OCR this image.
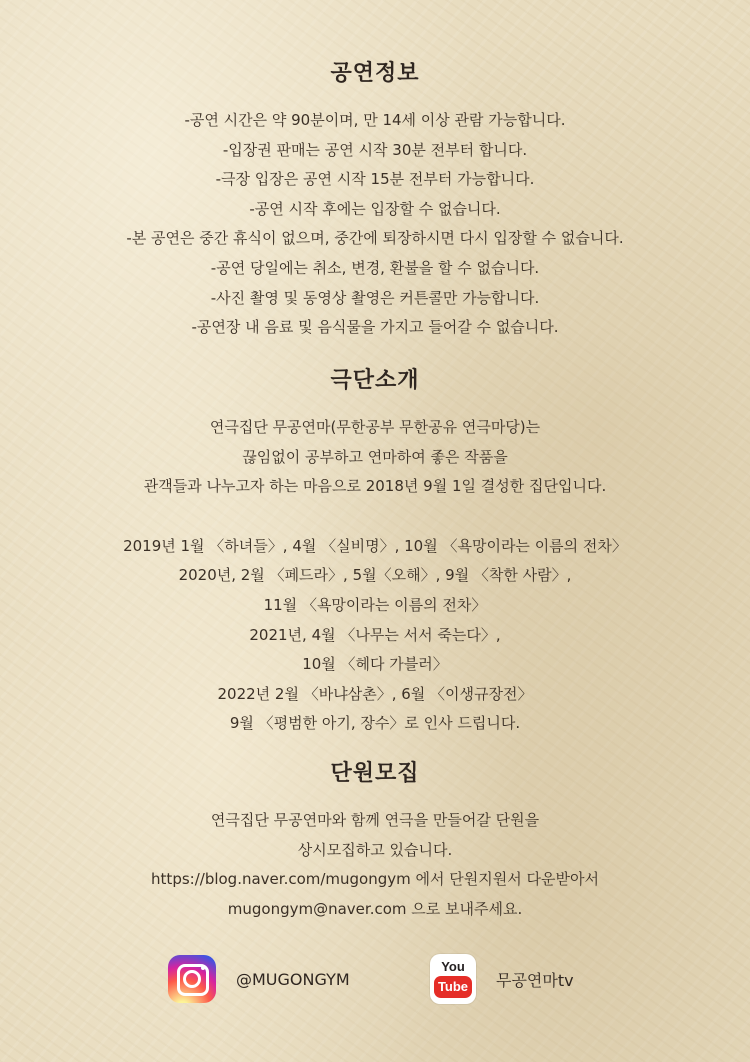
공연정보
-공연 시간은 약 90분이며, 만 14세 이상 관람 가능합니다.
-입장권 판매는 공연 시작 30분 전부터 합니다.
-극장 입장은 공연 시작 15분 전부터 가능합니다.
-공연 시작 후에는 입장할 수 없습니다.
-본 공연은 중간 휴식이 없으며, 중간에 퇴장하시면 다시 입장할 수 없습니다.
-공연 당일에는 취소, 변경, 환불을 할 수 없습니다.
-사진 촬영 및 동영상 촬영은 커튼콜만 가능합니다.
-공연장 내 음료 및 음식물을 가지고 들어갈 수 없습니다.
극단소개
연극집단 무공연마(무한공부 무한공유 연극마당)는
끊임없이 공부하고 연마하여 좋은 작품을
관객들과 나누고자 하는 마음으로 2018년 9월 1일 결성한 집단입니다.
2019년 1월 〈하녀들〉, 4월 〈실비명〉, 10월 〈욕망이라는 이름의 전차〉
2020년, 2월 〈페드라〉, 5월〈오해〉, 9월 〈착한 사람〉,
11월 〈욕망이라는 이름의 전차〉
2021년, 4월 〈나무는 서서 죽는다〉,
10월 〈헤다 가블러〉
2022년 2월 〈바냐삼촌〉, 6월 〈이생규장전〉
9월 〈평범한 아기, 장수〉로 인사 드립니다.
단원모집
연극집단 무공연마와 함께 연극을 만들어갈 단원을
상시모집하고 있습니다.
https://blog.naver.com/mugongym 에서 단원지원서 다운받아서
mugongym@naver.com 으로 보내주세요.
@MUGONGYM
You
Tube 무공연마tv
